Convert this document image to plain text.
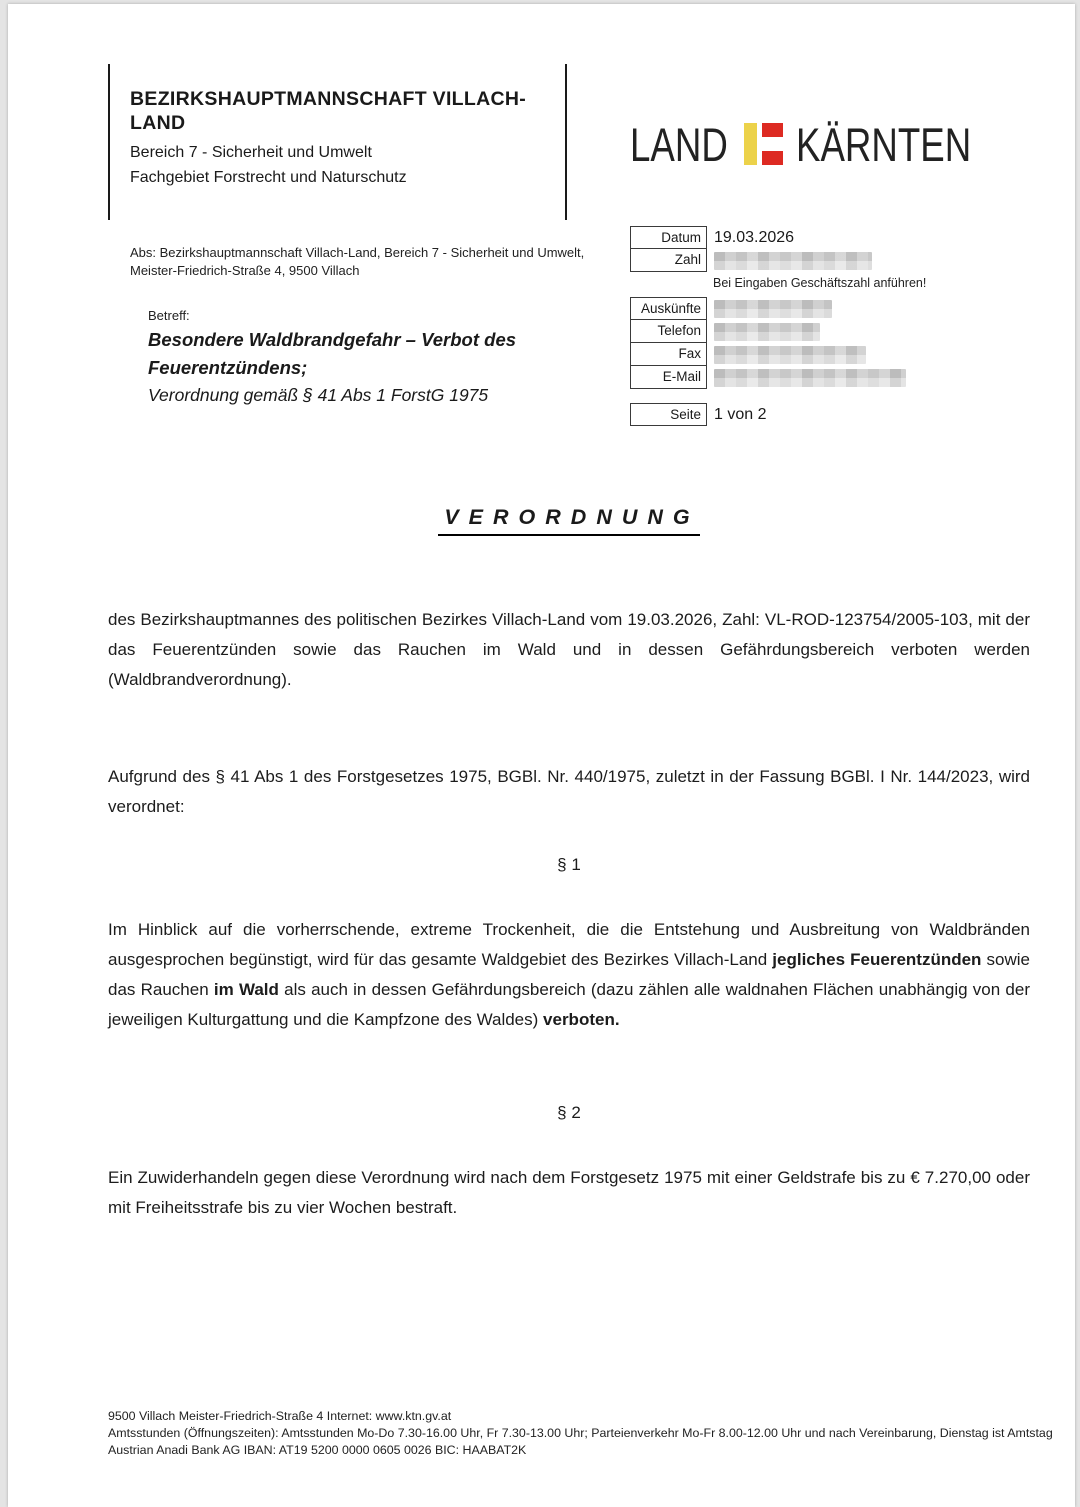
BEZIRKSHAUPTMANNSCHAFT VILLACH-LAND
Bereich 7 - Sicherheit und Umwelt
Fachgebiet Forstrecht und Naturschutz
LAND KÄRNTEN
Abs: Bezirkshauptmannschaft Villach-Land, Bereich 7 - Sicherheit und Umwelt, Meister-Friedrich-Straße 4, 9500 Villach
Datum 19.03.2026
Zahl
Bei Eingaben Geschäftszahl anführen!
Auskünfte
Telefon
Fax
E-Mail
Seite 1 von 2
Betreff:
Besondere Waldbrandgefahr – Verbot des Feuerentzündens;
Verordnung gemäß § 41 Abs 1 ForstG 1975
VERORDNUNG
des Bezirkshauptmannes des politischen Bezirkes Villach-Land vom 19.03.2026, Zahl: VL-ROD-123754/2005-103, mit der das Feuerentzünden sowie das Rauchen im Wald und in dessen Gefährdungsbereich verboten werden (Waldbrandverordnung).
Aufgrund des § 41 Abs 1 des Forstgesetzes 1975, BGBl. Nr. 440/1975, zuletzt in der Fassung BGBl. I Nr. 144/2023, wird verordnet:
§ 1
Im Hinblick auf die vorherrschende, extreme Trockenheit, die die Entstehung und Ausbreitung von Waldbränden ausgesprochen begünstigt, wird für das gesamte Waldgebiet des Bezirkes Villach-Land jegliches Feuerentzünden sowie das Rauchen im Wald als auch in dessen Gefährdungsbereich (dazu zählen alle waldnahen Flächen unabhängig von der jeweiligen Kulturgattung und die Kampfzone des Waldes) verboten.
§ 2
Ein Zuwiderhandeln gegen diese Verordnung wird nach dem Forstgesetz 1975 mit einer Geldstrafe bis zu € 7.270,00 oder mit Freiheitsstrafe bis zu vier Wochen bestraft.
9500 Villach Meister-Friedrich-Straße 4 Internet: www.ktn.gv.at
Amtsstunden (Öffnungszeiten): Amtsstunden Mo-Do 7.30-16.00 Uhr, Fr 7.30-13.00 Uhr; Parteienverkehr Mo-Fr 8.00-12.00 Uhr und nach Vereinbarung, Dienstag ist Amtstag
Austrian Anadi Bank AG IBAN: AT19 5200 0000 0605 0026 BIC: HAABAT2K
